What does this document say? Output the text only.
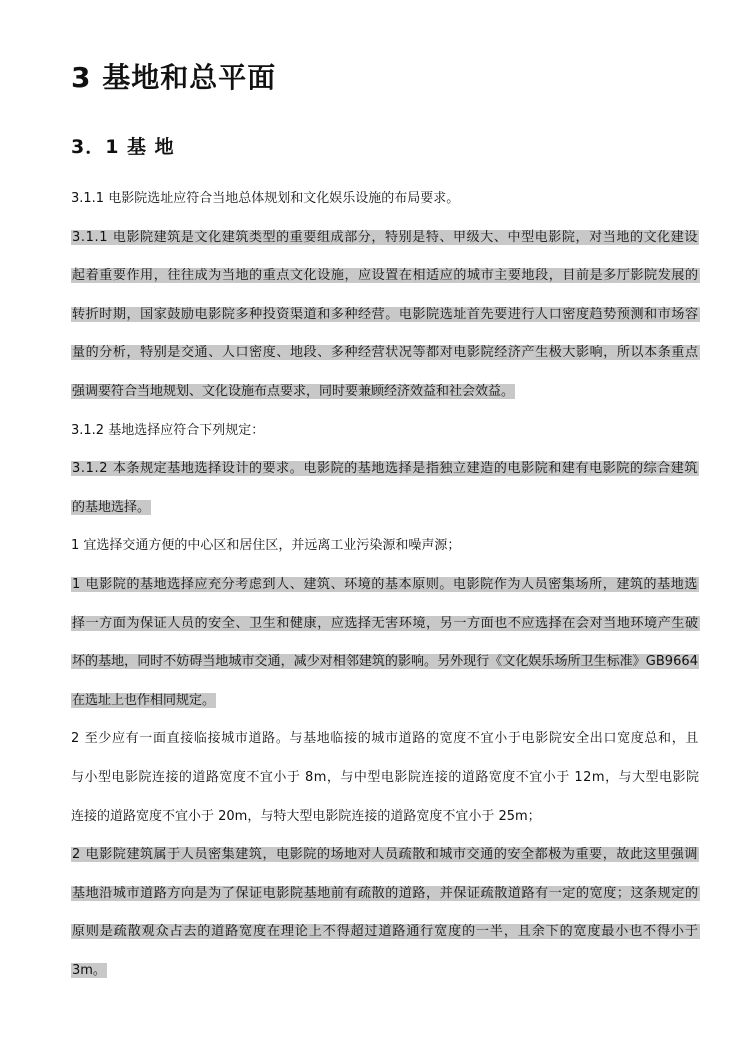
3 基地和总平面
3．1 基 地
3.1.1 电影院选址应符合当地总体规划和文化娱乐设施的布局要求。
3.1.1 电影院建筑是文化建筑类型的重要组成部分，特别是特、甲级大、中型电影院，对当地的文化建设
起着重要作用，往往成为当地的重点文化设施，应设置在相适应的城市主要地段，目前是多厅影院发展的
转折时期，国家鼓励电影院多种投资渠道和多种经营。电影院选址首先要进行人口密度趋势预测和市场容
量的分析，特别是交通、人口密度、地段、多种经营状况等都对电影院经济产生极大影响，所以本条重点
强调要符合当地规划、文化设施布点要求，同时要兼顾经济效益和社会效益。
3.1.2 基地选择应符合下列规定：
3.1.2 本条规定基地选择设计的要求。电影院的基地选择是指独立建造的电影院和建有电影院的综合建筑
的基地选择。
1 宜选择交通方便的中心区和居住区，并远离工业污染源和噪声源；
1 电影院的基地选择应充分考虑到人、建筑、环境的基本原则。电影院作为人员密集场所，建筑的基地选
择一方面为保证人员的安全、卫生和健康，应选择无害环境，另一方面也不应选择在会对当地环境产生破
坏的基地，同时不妨碍当地城市交通，减少对相邻建筑的影响。另外现行《文化娱乐场所卫生标准》GB9664
在选址上也作相同规定。
2 至少应有一面直接临接城市道路。与基地临接的城市道路的宽度不宜小于电影院安全出口宽度总和，且
与小型电影院连接的道路宽度不宜小于 8m，与中型电影院连接的道路宽度不宜小于 12m，与大型电影院
连接的道路宽度不宜小于 20m，与特大型电影院连接的道路宽度不宜小于 25m；
2 电影院建筑属于人员密集建筑，电影院的场地对人员疏散和城市交通的安全都极为重要，故此这里强调
基地沿城市道路方向是为了保证电影院基地前有疏散的道路，并保证疏散道路有一定的宽度；这条规定的
原则是疏散观众占去的道路宽度在理论上不得超过道路通行宽度的一半，且余下的宽度最小也不得小于
3m。
